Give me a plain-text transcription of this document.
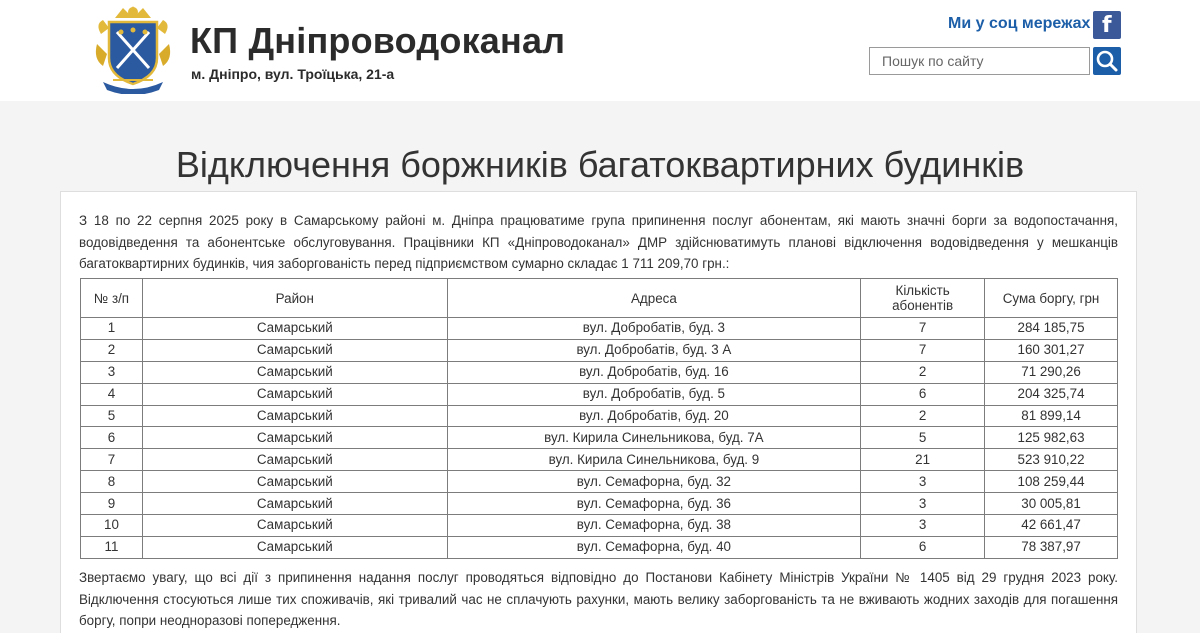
КП Дніпроводоканал
м. Дніпро, вул. Троїцька, 21-а
Ми у соц мережах f
Пошук по сайту
Відключення боржників багатоквартирних будинків

З 18 по 22 серпня 2025 року в Самарському районі м. Дніпра працюватиме група припинення послуг абонентам, які мають значні борги за водопостачання, водовідведення та абонентське обслуговування. Працівники КП «Дніпроводоканал» ДМР здійснюватимуть планові відключення водовідведення у мешканців багатоквартирних будинків, чия заборгованість перед підприємством сумарно складає 1 711 209,70 грн.:

№ з/п	Район	Адреса	Кількість абонентів	Сума боргу, грн
1	Самарський	вул. Добробатів, буд. 3	7	284 185,75
2	Самарський	вул. Добробатів, буд. 3 А	7	160 301,27
3	Самарський	вул. Добробатів, буд. 16	2	71 290,26
4	Самарський	вул. Добробатів, буд. 5	6	204 325,74
5	Самарський	вул. Добробатів, буд. 20	2	81 899,14
6	Самарський	вул. Кирила Синельникова, буд. 7А	5	125 982,63
7	Самарський	вул. Кирила Синельникова, буд. 9	21	523 910,22
8	Самарський	вул. Семафорна, буд. 32	3	108 259,44
9	Самарський	вул. Семафорна, буд. 36	3	30 005,81
10	Самарський	вул. Семафорна, буд. 38	3	42 661,47
11	Самарський	вул. Семафорна, буд. 40	6	78 387,97

Звертаємо увагу, що всі дії з припинення надання послуг проводяться відповідно до Постанови Кабінету Міністрів України № 1405 від 29 грудня 2023 року. Відключення стосуються лише тих споживачів, які тривалий час не сплачують рахунки, мають велику заборгованість та не вживають жодних заходів для погашення боргу, попри неодноразові попередження.
